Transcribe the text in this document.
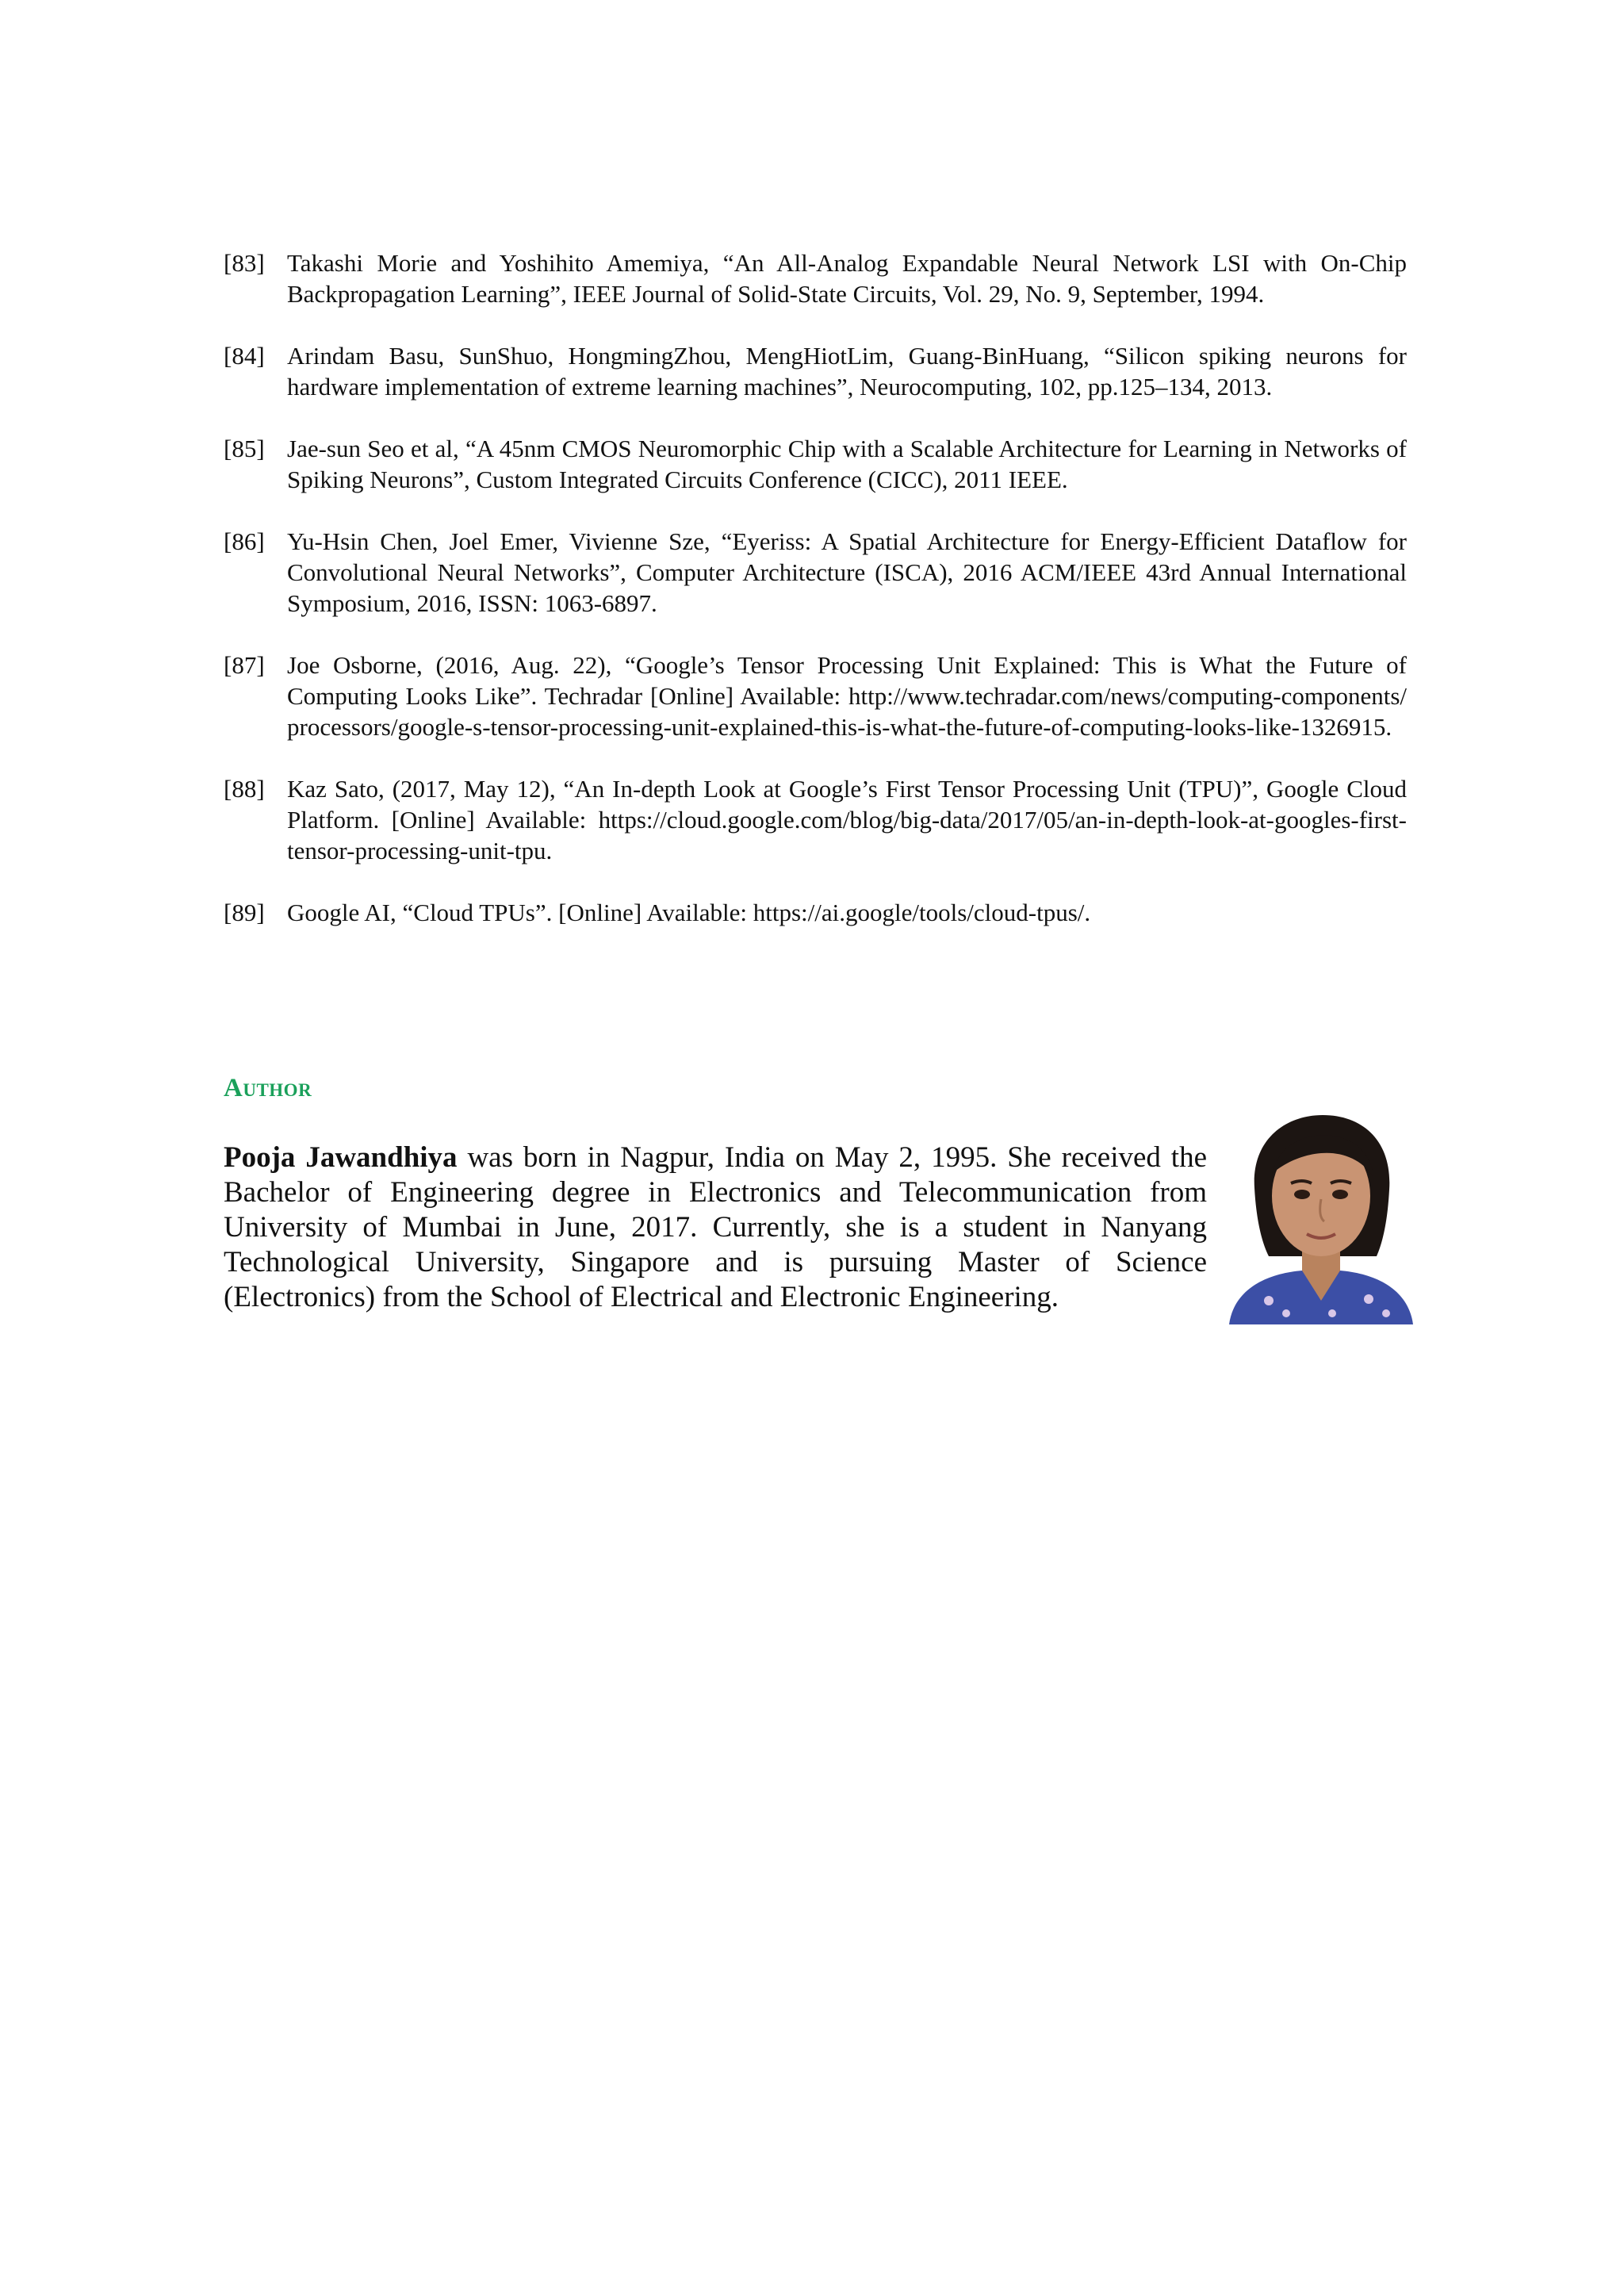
[83] Takashi Morie and Yoshihito Amemiya, “An All-Analog Expandable Neural Network LSI with On-Chip Backpropagation Learning”, IEEE Journal of Solid-State Circuits, Vol. 29, No. 9, September, 1994.
[84] Arindam Basu, SunShuo, HongmingZhou, MengHiotLim, Guang-BinHuang, “Silicon spiking neurons for hardware implementation of extreme learning machines”, Neurocomputing, 102, pp.125–134, 2013.
[85] Jae-sun Seo et al, “A 45nm CMOS Neuromorphic Chip with a Scalable Architecture for Learning in Networks of Spiking Neurons”, Custom Integrated Circuits Conference (CICC), 2011 IEEE.
[86] Yu-Hsin Chen, Joel Emer, Vivienne Sze, “Eyeriss: A Spatial Architecture for Energy-Efficient Dataflow for Convolutional Neural Networks”, Computer Architecture (ISCA), 2016 ACM/IEEE 43rd Annual International Symposium, 2016, ISSN: 1063-6897.
[87] Joe Osborne, (2016, Aug. 22), “Google’s Tensor Processing Unit Explained: This is What the Future of Computing Looks Like”. Techradar [Online] Available: http://www.techradar.com/news/computing-components/processors/google-s-tensor-processing-unit-explained-this-is-what-the-future-of-computing-looks-like-1326915.
[88] Kaz Sato, (2017, May 12), “An In-depth Look at Google’s First Tensor Processing Unit (TPU)”, Google Cloud Platform. [Online] Available: https://cloud.google.com/blog/big-data/2017/05/an-in-depth-look-at-googles-first-tensor-processing-unit-tpu.
[89] Google AI, “Cloud TPUs”. [Online] Available: https://ai.google/tools/cloud-tpus/.
Author
Pooja Jawandhiya was born in Nagpur, India on May 2, 1995. She received the Bachelor of Engineering degree in Electronics and Telecommunication from University of Mumbai in June, 2017. Currently, she is a student in Nanyang Technological University, Singapore and is pursuing Master of Science (Electronics) from the School of Electrical and Electronic Engineering.
